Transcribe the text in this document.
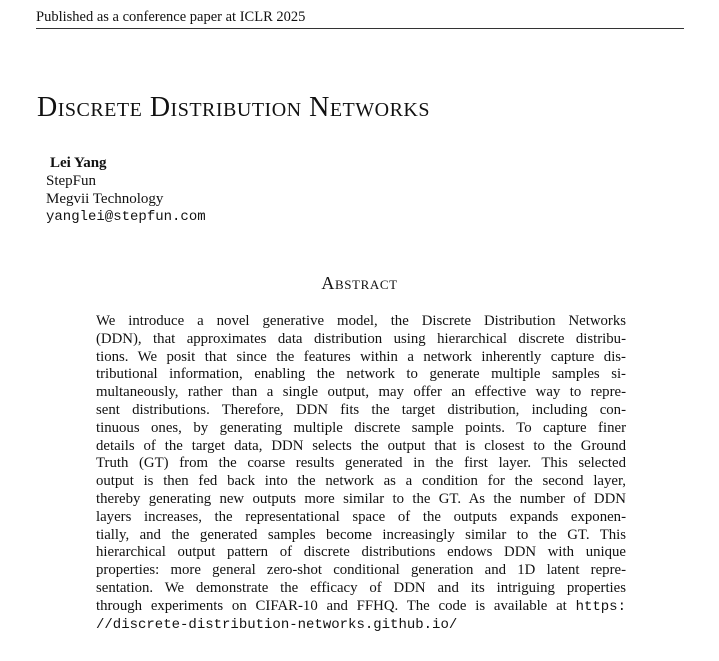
Published as a conference paper at ICLR 2025
Discrete Distribution Networks
Lei Yang
StepFun
Megvii Technology
yanglei@stepfun.com
Abstract
We introduce a novel generative model, the Discrete Distribution Networks
(DDN), that approximates data distribution using hierarchical discrete distribu-
tions. We posit that since the features within a network inherently capture dis-
tributional information, enabling the network to generate multiple samples si-
multaneously, rather than a single output, may offer an effective way to repre-
sent distributions. Therefore, DDN fits the target distribution, including con-
tinuous ones, by generating multiple discrete sample points. To capture finer
details of the target data, DDN selects the output that is closest to the Ground
Truth (GT) from the coarse results generated in the first layer. This selected
output is then fed back into the network as a condition for the second layer,
thereby generating new outputs more similar to the GT. As the number of DDN
layers increases, the representational space of the outputs expands exponen-
tially, and the generated samples become increasingly similar to the GT. This
hierarchical output pattern of discrete distributions endows DDN with unique
properties: more general zero-shot conditional generation and 1D latent repre-
sentation. We demonstrate the efficacy of DDN and its intriguing properties
through experiments on CIFAR-10 and FFHQ. The code is available at https:
//discrete-distribution-networks.github.io/
